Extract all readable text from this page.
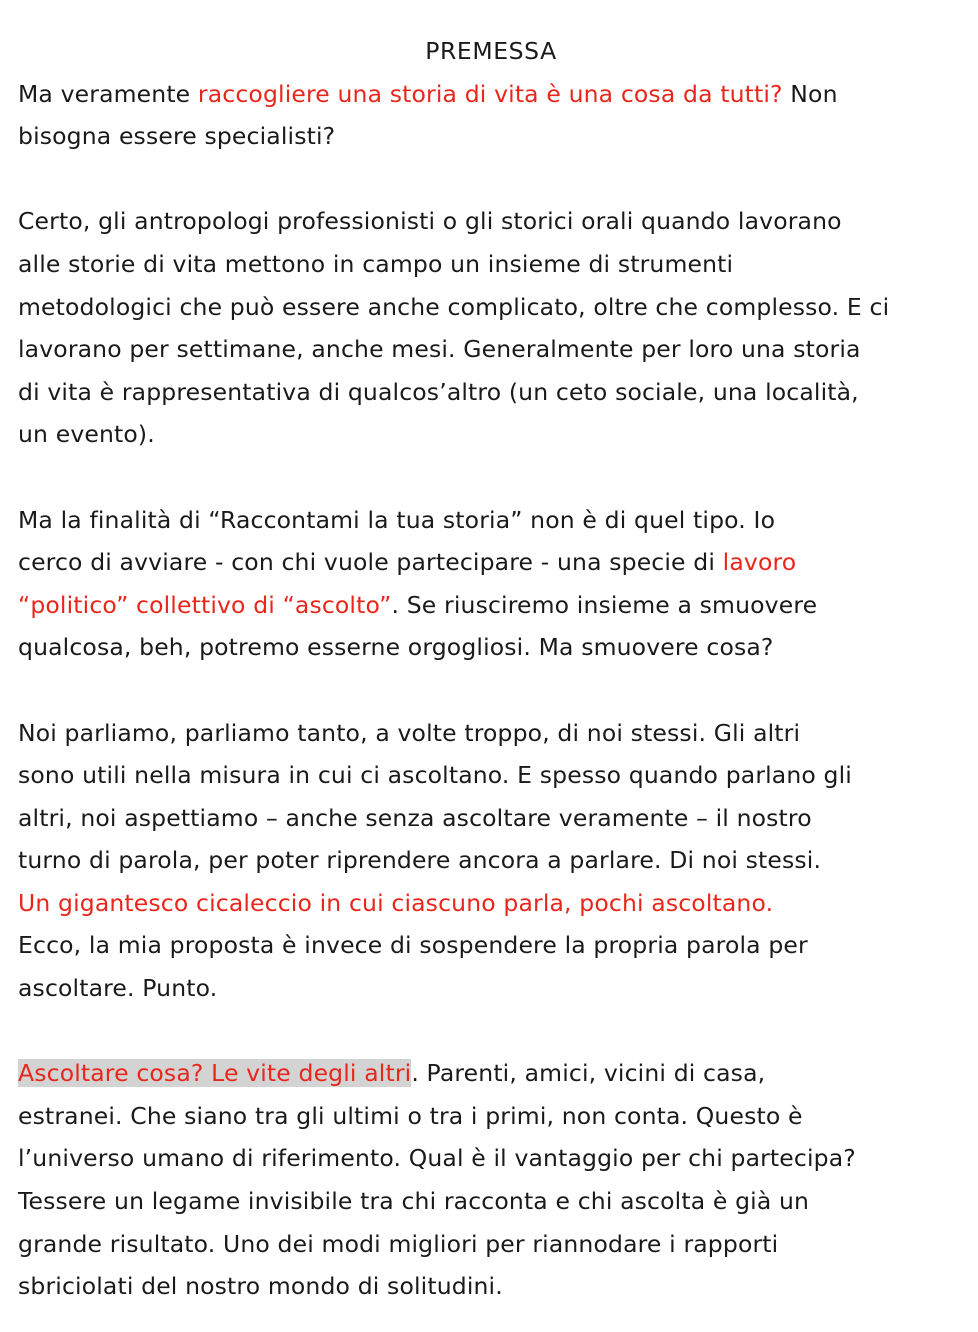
PREMESSA
Ma veramente raccogliere una storia di vita è una cosa da tutti? Non
bisogna essere specialisti?
Certo, gli antropologi professionisti o gli storici orali quando lavorano
alle storie di vita mettono in campo un insieme di strumenti
metodologici che può essere anche complicato, oltre che complesso. E ci
lavorano per settimane, anche mesi. Generalmente per loro una storia
di vita è rappresentativa di qualcos’altro (un ceto sociale, una località,
un evento).
Ma la finalità di “Raccontami la tua storia” non è di quel tipo. Io
cerco di avviare - con chi vuole partecipare - una specie di lavoro
“politico” collettivo di “ascolto”. Se riusciremo insieme a smuovere
qualcosa, beh, potremo esserne orgogliosi. Ma smuovere cosa?
Noi parliamo, parliamo tanto, a volte troppo, di noi stessi. Gli altri
sono utili nella misura in cui ci ascoltano. E spesso quando parlano gli
altri, noi aspettiamo – anche senza ascoltare veramente – il nostro
turno di parola, per poter riprendere ancora a parlare. Di noi stessi.
Un gigantesco cicaleccio in cui ciascuno parla, pochi ascoltano.
Ecco, la mia proposta è invece di sospendere la propria parola per
ascoltare. Punto.
Ascoltare cosa? Le vite degli altri. Parenti, amici, vicini di casa,
estranei. Che siano tra gli ultimi o tra i primi, non conta. Questo è
l’universo umano di riferimento. Qual è il vantaggio per chi partecipa?
Tessere un legame invisibile tra chi racconta e chi ascolta è già un
grande risultato. Uno dei modi migliori per riannodare i rapporti
sbriciolati del nostro mondo di solitudini.
